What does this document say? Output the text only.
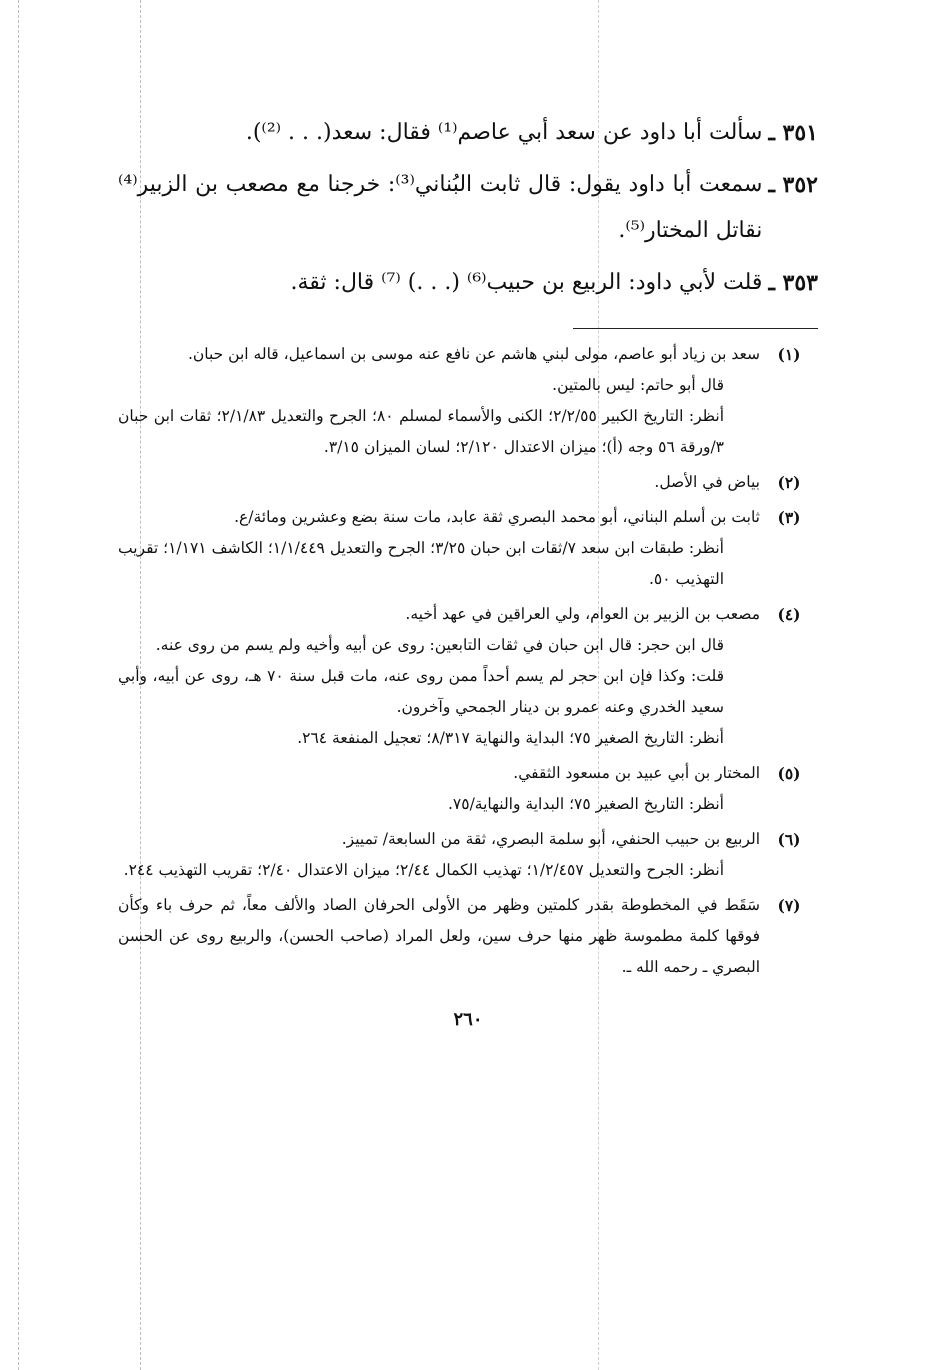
٣٥١ ـ
سألت أبا داود عن سعد أبي عاصم⁽¹⁾ فقال: سعد(. . . ⁽²⁾).
٣٥٢ ـ
سمعت أبا داود يقول: قال ثابت البُناني⁽³⁾: خرجنا مع مصعب بن الزبير⁽⁴⁾ نقاتل المختار⁽⁵⁾.
٣٥٣ ـ
قلت لأبي داود: الربيع بن حبيب⁽⁶⁾ (. . .) ⁽⁷⁾ قال: ثقة.
(١)

سعد بن زياد أبو عاصم، مولى لبني هاشم عن نافع عنه موسى بن اسماعيل، قاله ابن حبان.

قال أبو حاتم: ليس بالمتين.

أنظر: التاريخ الكبير ٢/٢/٥٥؛ الكنى والأسماء لمسلم ٨٠؛ الجرح والتعديل ٢/١/٨٣؛ ثقات ابن حبان ٣/ورقة ٥٦ وجه (أ)؛ ميزان الاعتدال ٢/١٢٠؛ لسان الميزان ٣/١٥.

(٢)

بياض في الأصل.

(٣)

ثابت بن أسلم البناني، أبو محمد البصري ثقة عابد، مات سنة بضع وعشرين ومائة/ع.

أنظر: طبقات ابن سعد ٧/ثقات ابن حبان ٣/٢٥؛ الجرح والتعديل ١/١/٤٤٩؛ الكاشف ١/١٧١؛ تقريب التهذيب ٥٠.

(٤)

مصعب بن الزبير بن العوام، ولي العراقين في عهد أخيه.

قال ابن حجر: قال ابن حبان في ثقات التابعين: روى عن أبيه وأخيه ولم يسم من روى عنه.

قلت: وكذا فإن ابن حجر لم يسم أحداً ممن روى عنه، مات قبل سنة ٧٠ هـ، روى عن أبيه، وأبي سعيد الخدري وعنه عمرو بن دينار الجمحي وآخرون.

أنظر: التاريخ الصغير ٧٥؛ البداية والنهاية ٨/٣١٧؛ تعجيل المنفعة ٢٦٤.

(٥)

المختار بن أبي عبيد بن مسعود الثقفي.

أنظر: التاريخ الصغير ٧٥؛ البداية والنهاية/٧٥.

(٦)

الربيع بن حبيب الحنفي، أبو سلمة البصري، ثقة من السابعة/ تمييز.

أنظر: الجرح والتعديل ١/٢/٤٥٧؛ تهذيب الكمال ٢/٤٤؛ ميزان الاعتدال ٢/٤٠؛ تقريب التهذيب ٢٤٤.

(٧)

سَقَط في المخطوطة بقدر كلمتين وظهر من الأولى الحرفان الصاد والألف معاً، ثم حرف باء وكأن فوقها كلمة مطموسة ظهر منها حرف سين، ولعل المراد (صاحب الحسن)، والربيع روى عن الحسن البصري ـ رحمه الله ـ.

٢٦٠
